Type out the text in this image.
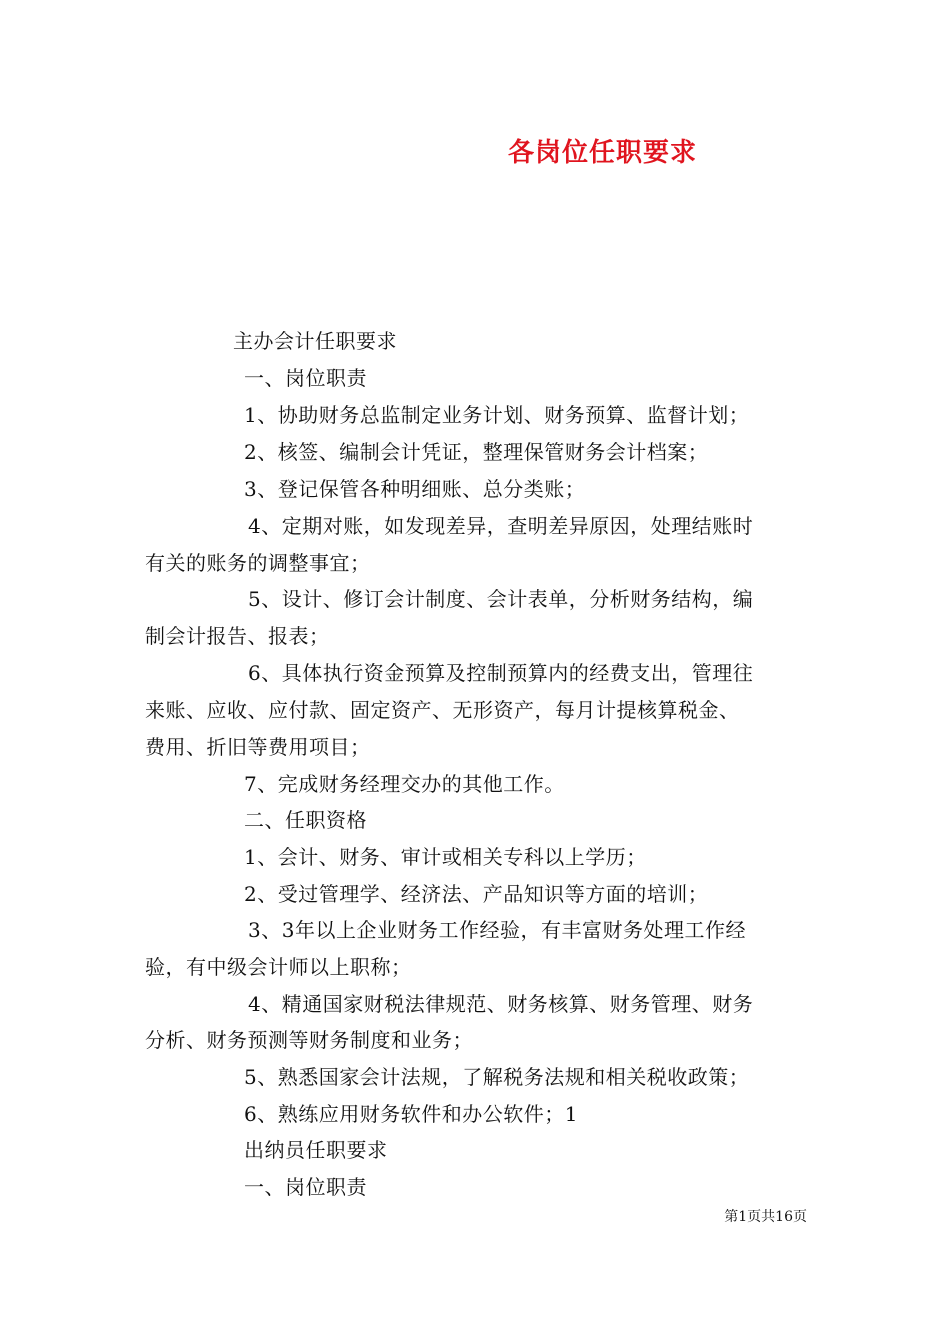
各岗位任职要求
主办会计任职要求
一、岗位职责
1、协助财务总监制定业务计划、财务预算、监督计划；
2、核签、编制会计凭证，整理保管财务会计档案；
3、登记保管各种明细账、总分类账；
4、定期对账，如发现差异，查明差异原因，处理结账时
有关的账务的调整事宜；
5、设计、修订会计制度、会计表单，分析财务结构，编
制会计报告、报表；
6、具体执行资金预算及控制预算内的经费支出，管理往
来账、应收、应付款、固定资产、无形资产，每月计提核算税金、
费用、折旧等费用项目；
7、完成财务经理交办的其他工作。
二、任职资格
1、会计、财务、审计或相关专科以上学历；
2、受过管理学、经济法、产品知识等方面的培训；
3、3年以上企业财务工作经验，有丰富财务处理工作经
验，有中级会计师以上职称；
4、精通国家财税法律规范、财务核算、财务管理、财务
分析、财务预测等财务制度和业务；
5、熟悉国家会计法规，了解税务法规和相关税收政策；
6、熟练应用财务软件和办公软件；1
出纳员任职要求
一、岗位职责
第1页共16页
